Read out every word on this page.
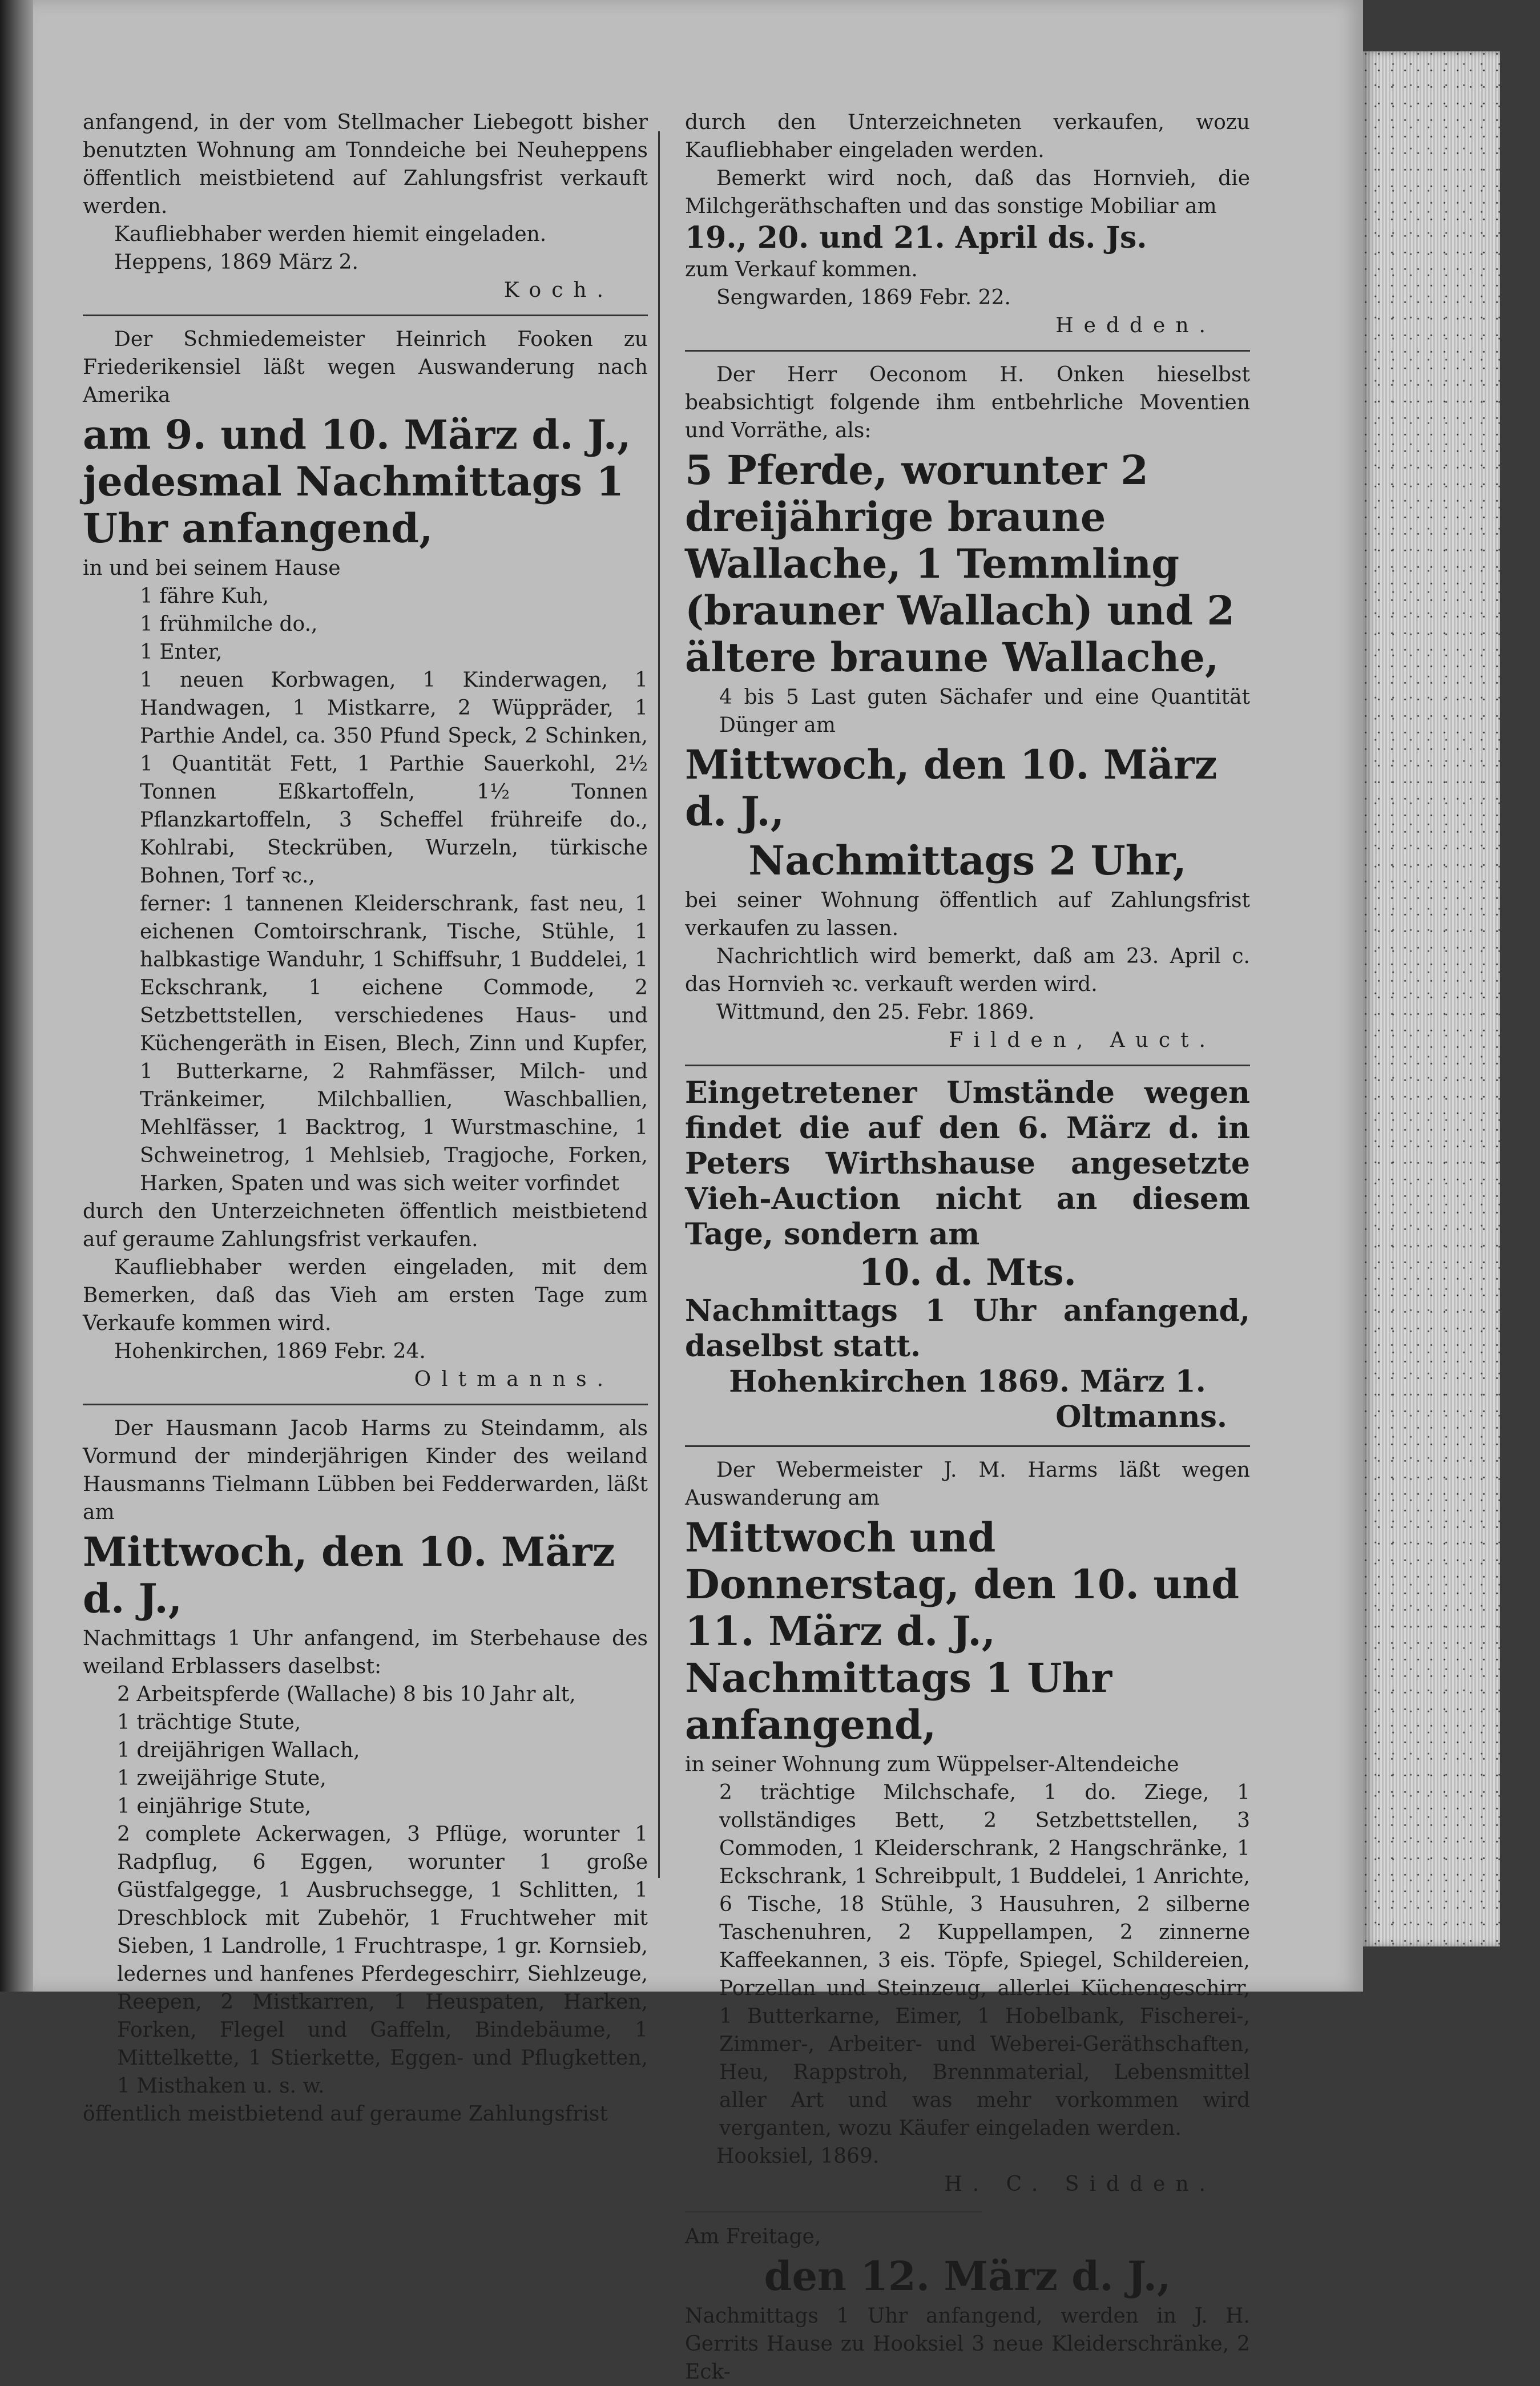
anfangend, in der vom Stellmacher Liebegott bisher benutzten Wohnung am Tonndeiche bei Neuheppens öffentlich meistbietend auf Zahlungsfrist verkauft werden.

Kaufliebhaber werden hiemit eingeladen.

Heppens, 1869 März 2.

Koch.

Der Schmiedemeister Heinrich Fooken zu Friederikensiel läßt wegen Auswanderung nach Amerika

am 9. und 10. März d. J., jedesmal Nachmittags 1 Uhr anfangend,

in und bei seinem Hause

1 fähre Kuh,

1 frühmilche do.,

1 Enter,

1 neuen Korbwagen, 1 Kinderwagen, 1 Handwagen, 1 Mistkarre, 2 Wüppräder, 1 Parthie Andel, ca. 350 Pfund Speck, 2 Schinken, 1 Quantität Fett, 1 Parthie Sauerkohl, 2½ Tonnen Eßkartoffeln, 1½ Tonnen Pflanzkartoffeln, 3 Scheffel frühreife do., Kohlrabi, Steckrüben, Wurzeln, türkische Bohnen, Torf ꝛc.,

ferner: 1 tannenen Kleiderschrank, fast neu, 1 eichenen Comtoirschrank, Tische, Stühle, 1 halbkastige Wanduhr, 1 Schiffsuhr, 1 Buddelei, 1 Eckschrank, 1 eichene Commode, 2 Setzbettstellen, verschiedenes Haus- und Küchengeräth in Eisen, Blech, Zinn und Kupfer, 1 Butterkarne, 2 Rahmfässer, Milch- und Tränkeimer, Milchballien, Waschballien, Mehlfässer, 1 Backtrog, 1 Wurstmaschine, 1 Schweinetrog, 1 Mehlsieb, Tragjoche, Forken, Harken, Spaten und was sich weiter vorfindet

durch den Unterzeichneten öffentlich meistbietend auf geraume Zahlungsfrist verkaufen.

Kaufliebhaber werden eingeladen, mit dem Bemerken, daß das Vieh am ersten Tage zum Verkaufe kommen wird.

Hohenkirchen, 1869 Febr. 24.

Oltmanns.

Der Hausmann Jacob Harms zu Steindamm, als Vormund der minderjährigen Kinder des weiland Hausmanns Tielmann Lübben bei Fedderwarden, läßt am

Mittwoch, den 10. März d. J.,

Nachmittags 1 Uhr anfangend, im Sterbehause des weiland Erblassers daselbst:

2 Arbeitspferde (Wallache) 8 bis 10 Jahr alt,

1 trächtige Stute,

1 dreijährigen Wallach,

1 zweijährige Stute,

1 einjährige Stute,

2 complete Ackerwagen, 3 Pflüge, worunter 1 Radpflug, 6 Eggen, worunter 1 große Güstfalgegge, 1 Ausbruchsegge, 1 Schlitten, 1 Dreschblock mit Zubehör, 1 Fruchtweher mit Sieben, 1 Landrolle, 1 Fruchtraspe, 1 gr. Kornsieb, ledernes und hanfenes Pferdegeschirr, Siehlzeuge, Reepen, 2 Mistkarren, 1 Heuspaten, Harken, Forken, Flegel und Gaffeln, Bindebäume, 1 Mittelkette, 1 Stierkette, Eggen- und Pflugketten, 1 Misthaken u. s. w.

öffentlich meistbietend auf geraume Zahlungsfrist

durch den Unterzeichneten verkaufen, wozu Kaufliebhaber eingeladen werden.

Bemerkt wird noch, daß das Hornvieh, die Milchgeräthschaften und das sonstige Mobiliar am

19., 20. und 21. April ds. Js.

zum Verkauf kommen.

Sengwarden, 1869 Febr. 22.

Hedden.

Der Herr Oeconom H. Onken hieselbst beabsichtigt folgende ihm entbehrliche Moventien und Vorräthe, als:

5 Pferde, worunter 2 dreijährige braune Wallache, 1 Temmling (brauner Wallach) und 2 ältere braune Wallache,

4 bis 5 Last guten Sächafer und eine Quantität Dünger am

Mittwoch, den 10. März d. J.,

Nachmittags 2 Uhr,

bei seiner Wohnung öffentlich auf Zahlungsfrist verkaufen zu lassen.

Nachrichtlich wird bemerkt, daß am 23. April c. das Hornvieh ꝛc. verkauft werden wird.

Wittmund, den 25. Febr. 1869.

Filden, Auct.

Eingetretener Umstände wegen findet die auf den 6. März d. in Peters Wirthshause angesetzte Vieh-Auction nicht an diesem Tage, sondern am

10. d. Mts.

Nachmittags 1 Uhr anfangend, daselbst statt.

Hohenkirchen 1869. März 1.

Oltmanns.

Der Webermeister J. M. Harms läßt wegen Auswanderung am

Mittwoch und Donnerstag, den 10. und 11. März d. J., Nachmittags 1 Uhr anfangend,

in seiner Wohnung zum Wüppelser-Altendeiche

2 trächtige Milchschafe, 1 do. Ziege, 1 vollständiges Bett, 2 Setzbettstellen, 3 Commoden, 1 Kleiderschrank, 2 Hangschränke, 1 Eckschrank, 1 Schreibpult, 1 Buddelei, 1 Anrichte, 6 Tische, 18 Stühle, 3 Hausuhren, 2 silberne Taschenuhren, 2 Kuppellampen, 2 zinnerne Kaffeekannen, 3 eis. Töpfe, Spiegel, Schildereien, Porzellan und Steinzeug, allerlei Küchengeschirr, 1 Butterkarne, Eimer, 1 Hobelbank, Fischerei-, Zimmer-, Arbeiter- und Weberei-Geräthschaften, Heu, Rappstroh, Brennmaterial, Lebensmittel aller Art und was mehr vorkommen wird verganten, wozu Käufer eingeladen werden.

Hooksiel, 1869.

H. C. Sidden.

Am Freitage,

den 12. März d. J.,

Nachmittags 1 Uhr anfangend, werden in J. H. Gerrits Hause zu Hooksiel 3 neue Kleiderschränke, 2 Eck-
